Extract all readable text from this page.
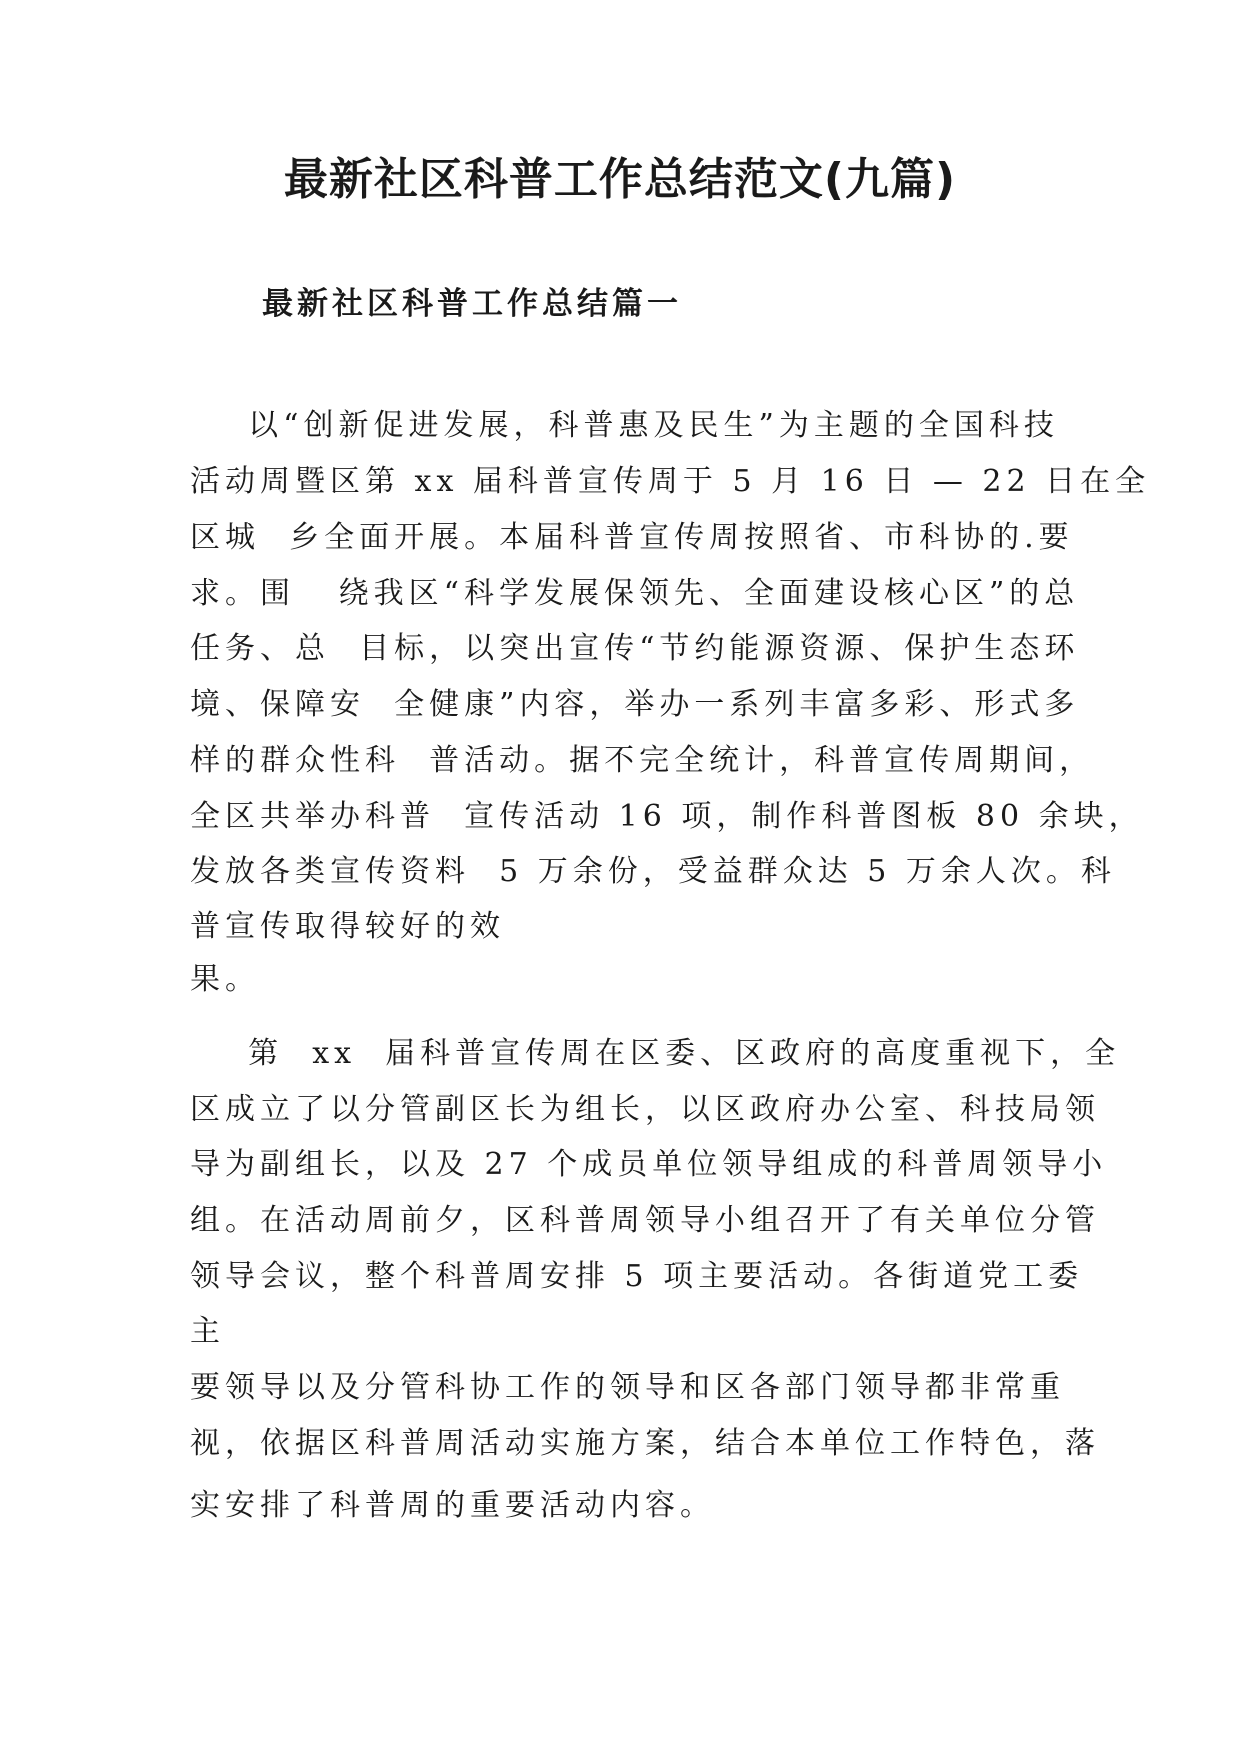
最新社区科普工作总结范文(九篇)
最新社区科普工作总结篇一

以“创新促进发展，科普惠及民生”为主题的全国科技

活动周暨区第 xx 届科普宣传周于 5 月 16 日 — 22 日在全

区城  乡全面开展。本届科普宣传周按照省、市科协的.要

求。围   绕我区“科学发展保领先、全面建设核心区”的总

任务、总  目标，以突出宣传“节约能源资源、保护生态环

境、保障安  全健康”内容，举办一系列丰富多彩、形式多

样的群众性科  普活动。据不完全统计，科普宣传周期间，

全区共举办科普  宣传活动 16 项，制作科普图板 80 余块，

发放各类宣传资料  5 万余份，受益群众达 5 万余人次。科

普宣传取得较好的效

果。

第  xx  届科普宣传周在区委、区政府的高度重视下，全

区成立了以分管副区长为组长，以区政府办公室、科技局领

导为副组长，以及 27 个成员单位领导组成的科普周领导小

组。在活动周前夕，区科普周领导小组召开了有关单位分管

领导会议，整个科普周安排 5 项主要活动。各街道党工委

主

要领导以及分管科协工作的领导和区各部门领导都非常重

视，依据区科普周活动实施方案，结合本单位工作特色，落

实安排了科普周的重要活动内容。
